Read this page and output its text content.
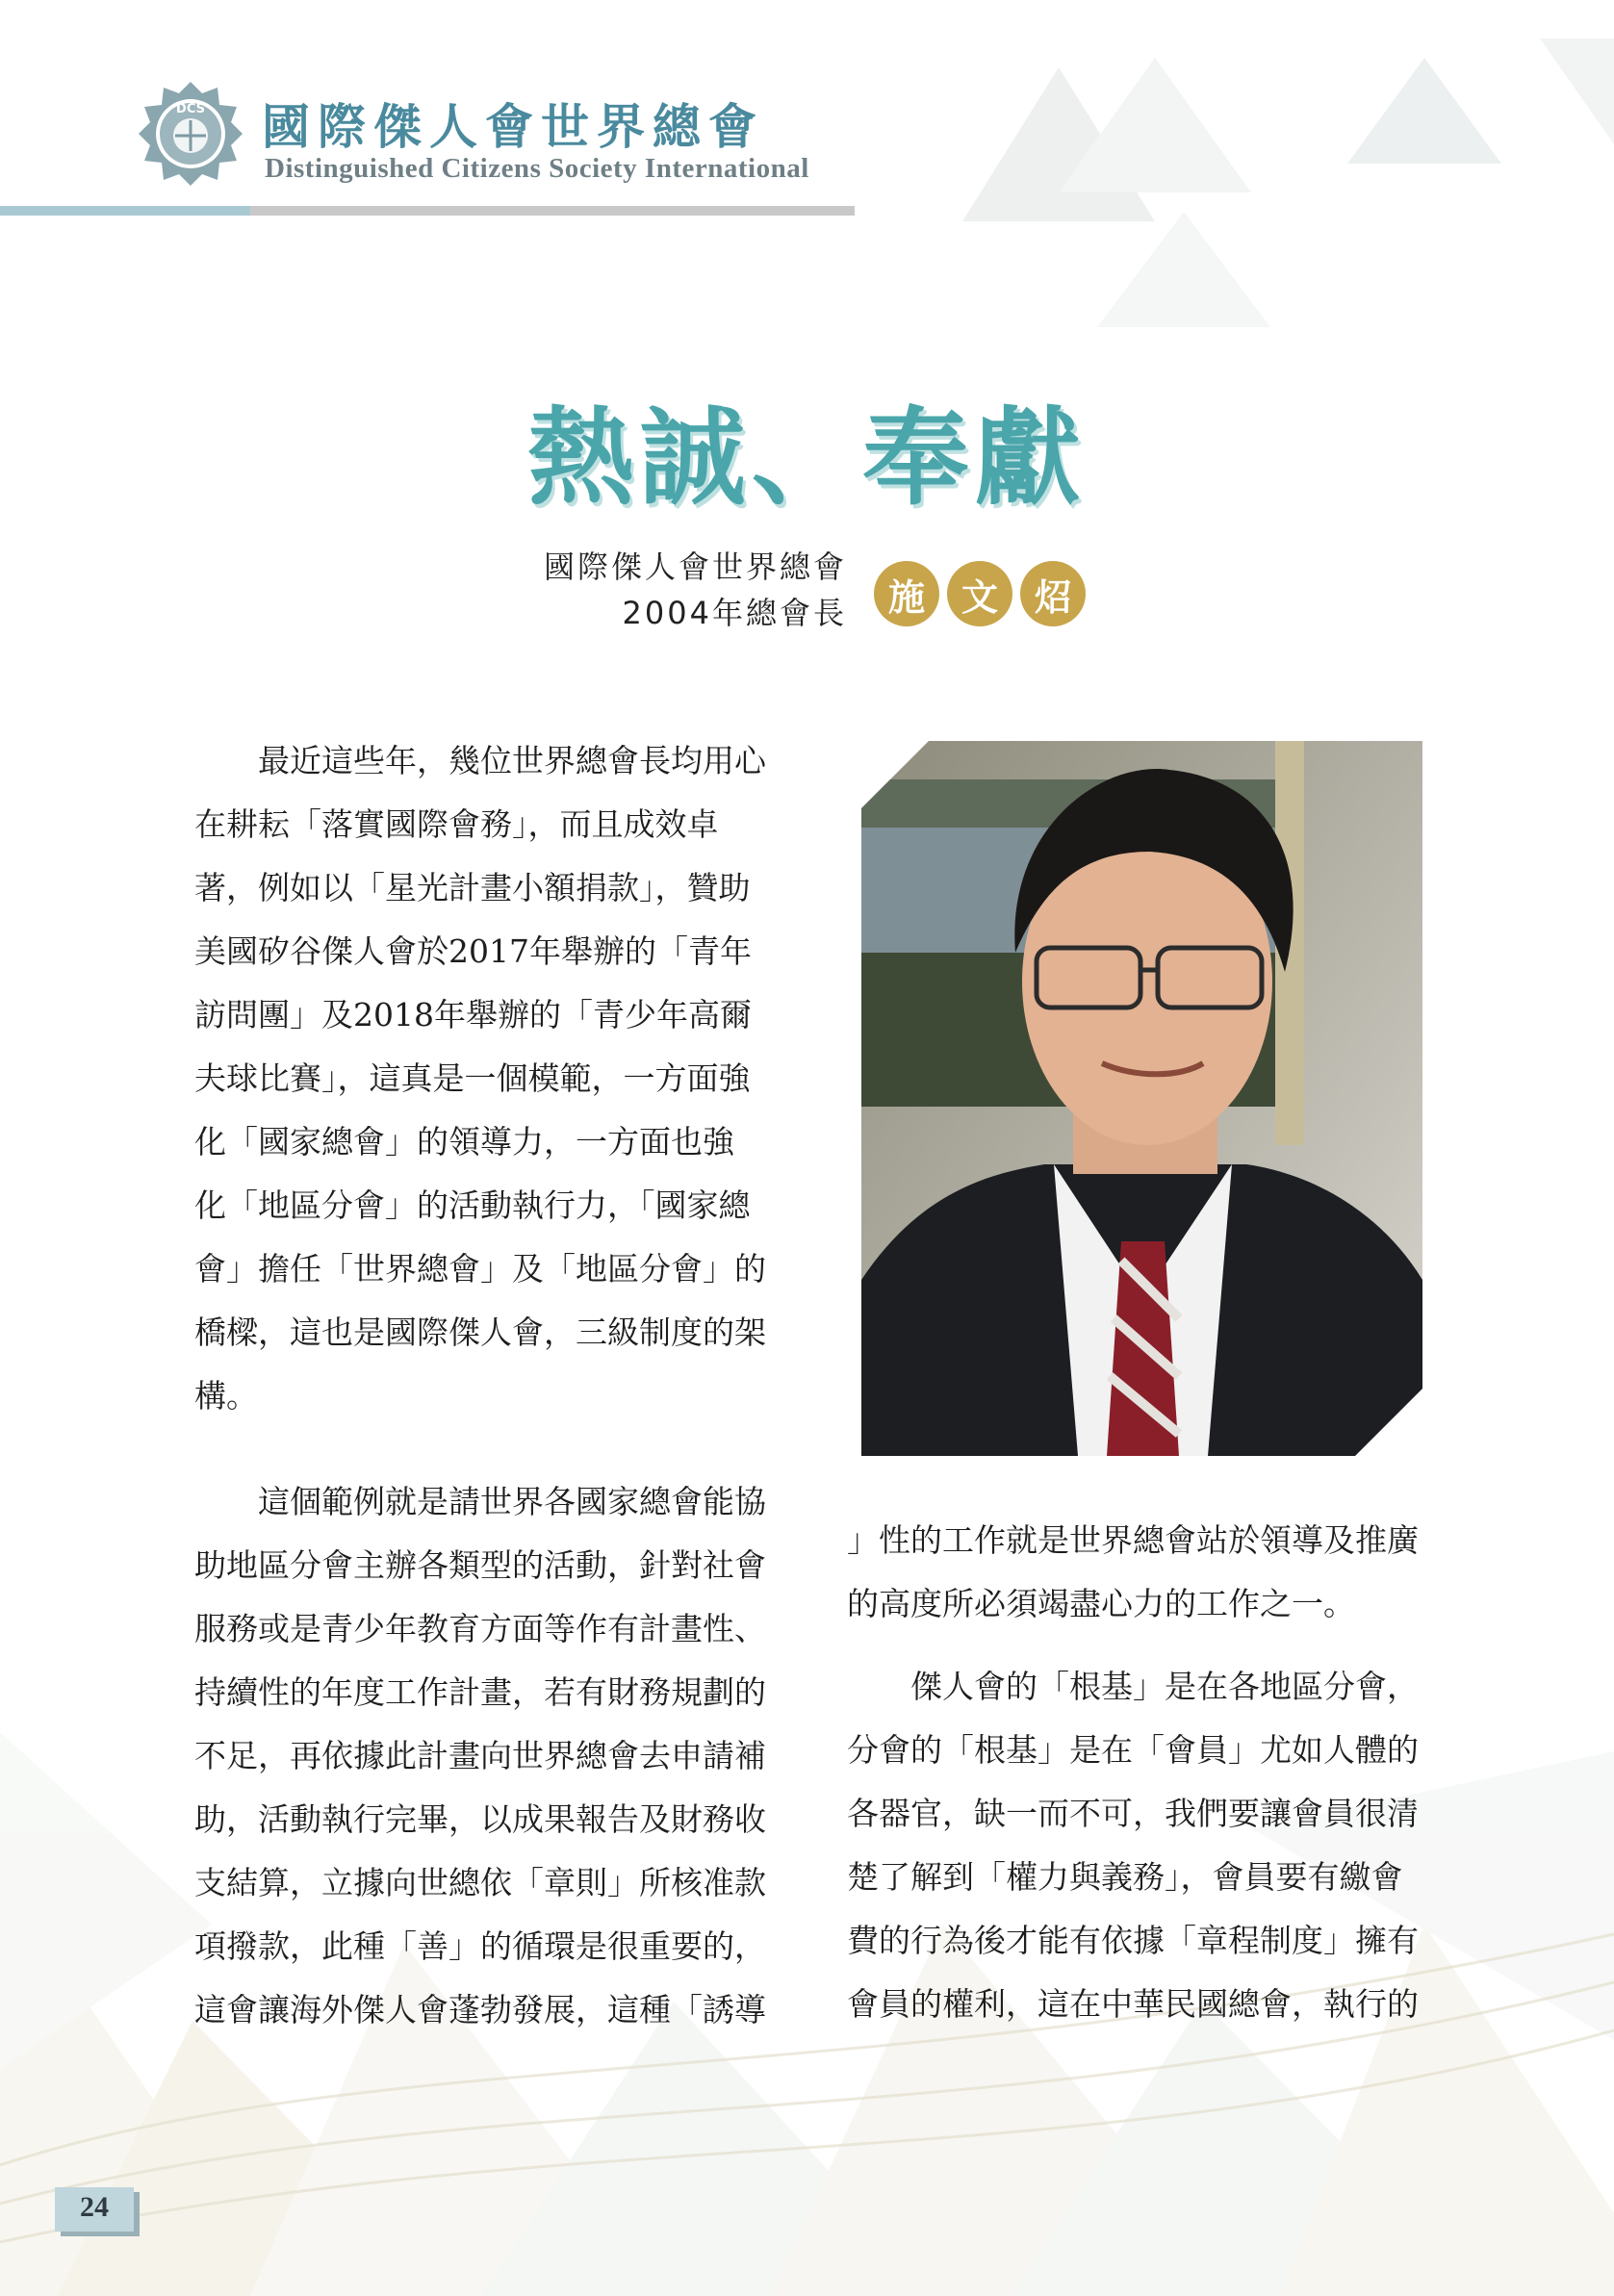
DCS 國際傑人會世界總會
Distinguished Citizens Society International
熱誠、奉獻
國際傑人會世界總會
2004年總會長	施 文 炤
最近這些年，幾位世界總會長均用心
在耕耘「落實國際會務」，而且成效卓
著，例如以「星光計畫小額捐款」，贊助
美國矽谷傑人會於2017年舉辦的「青年
訪問團」及2018年舉辦的「青少年高爾
夫球比賽」，這真是一個模範，一方面強
化「國家總會」的領導力，一方面也強
化「地區分會」的活動執行力，「國家總
會」擔任「世界總會」及「地區分會」的
橋樑，這也是國際傑人會，三級制度的架
構。
這個範例就是請世界各國家總會能協
助地區分會主辦各類型的活動，針對社會
服務或是青少年教育方面等作有計畫性、
持續性的年度工作計畫，若有財務規劃的
不足，再依據此計畫向世界總會去申請補
助，活動執行完畢，以成果報告及財務收
支結算，立據向世總依「章則」所核准款
項撥款，此種「善」的循環是很重要的，
這會讓海外傑人會蓬勃發展，這種「誘導
」性的工作就是世界總會站於領導及推廣
的高度所必須竭盡心力的工作之一。
傑人會的「根基」是在各地區分會，
分會的「根基」是在「會員」尤如人體的
各器官，缺一而不可，我們要讓會員很清
楚了解到「權力與義務」，會員要有繳會
費的行為後才能有依據「章程制度」擁有
會員的權利，這在中華民國總會，執行的
24
